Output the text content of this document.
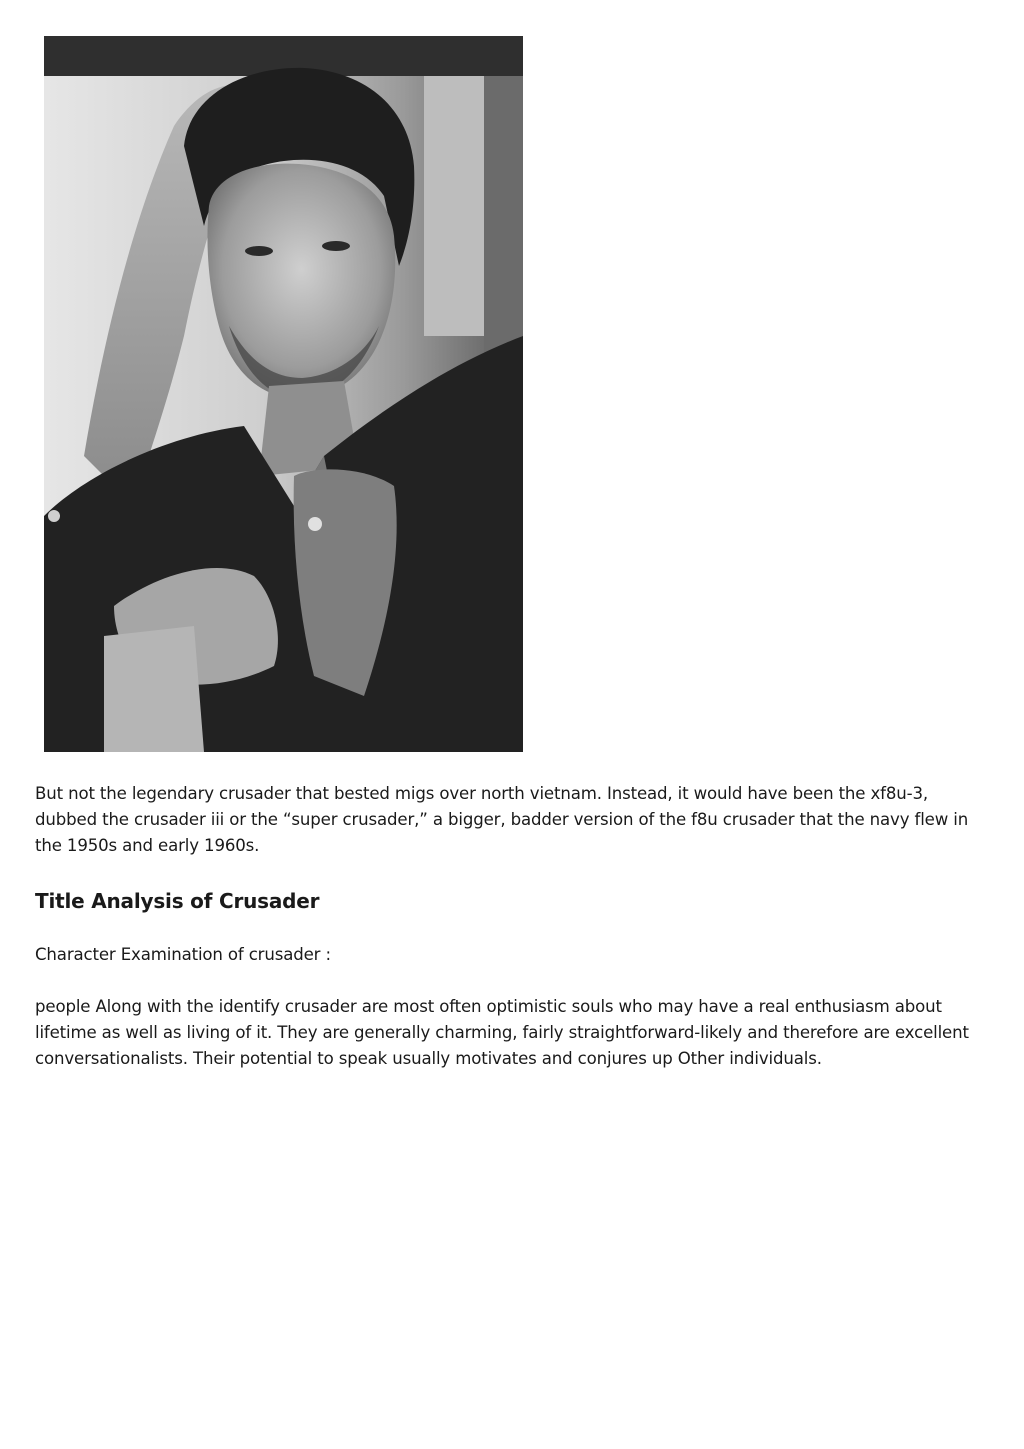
But not the legendary crusader that bested migs over north vietnam. Instead, it would have been the xf8u-3, dubbed the crusader iii or the “super crusader,” a bigger, badder version of the f8u crusader that the navy flew in the 1950s and early 1960s.

Title Analysis of Crusader

Character Examination of crusader :

people Along with the identify crusader are most often optimistic souls who may have a real enthusiasm about lifetime as well as living of it. They are generally charming, fairly straightforward-likely and therefore are excellent conversationalists. Their potential to speak usually motivates and conjures up Other individuals.
